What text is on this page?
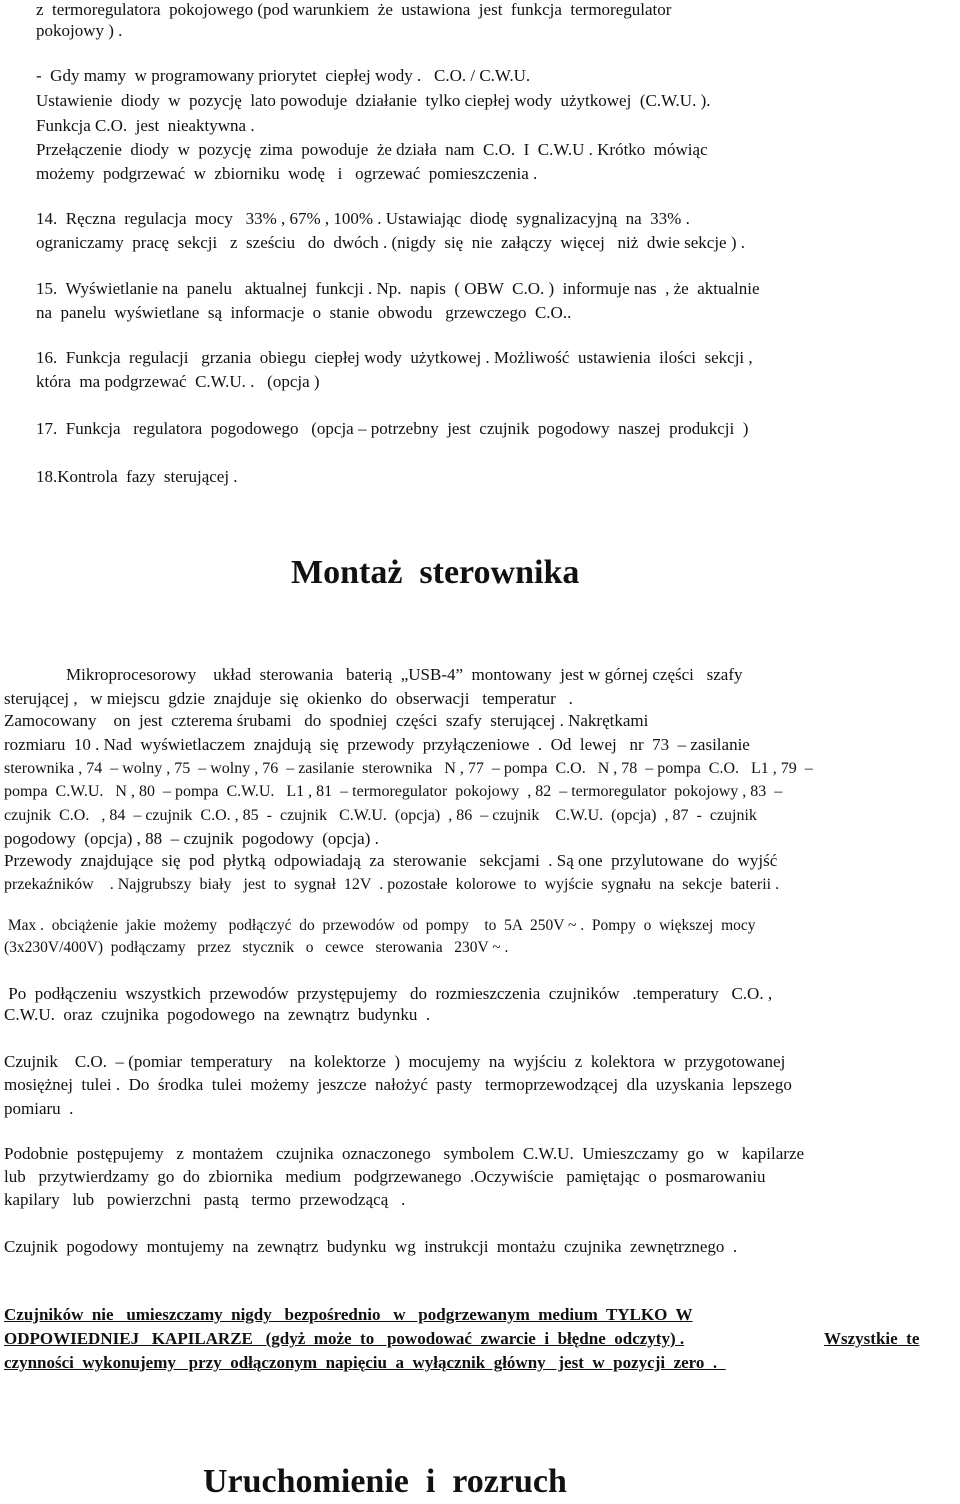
z  termoregulatora  pokojowego (pod warunkiem  że  ustawiona  jest  funkcja  termoregulator
pokojowy ) .
-  Gdy mamy  w programowany priorytet  ciepłej wody .   C.O. / C.W.U.
Ustawienie  diody  w  pozycję  lato powoduje  działanie  tylko ciepłej wody  użytkowej  (C.W.U. ).
Funkcja C.O.  jest  nieaktywna .
Przełączenie  diody  w  pozycję  zima  powoduje  że działa  nam  C.O.  I  C.W.U . Krótko  mówiąc
możemy  podgrzewać  w  zbiorniku  wodę   i   ogrzewać  pomieszczenia .
14.  Ręczna  regulacja  mocy   33% , 67% , 100% . Ustawiając  diodę  sygnalizacyjną  na  33% .
ograniczamy  pracę  sekcji   z  sześciu   do  dwóch . (nigdy  się  nie  załączy  więcej   niż  dwie sekcje ) .
15.  Wyświetlanie na  panelu   aktualnej  funkcji . Np.  napis  ( OBW  C.O. )  informuje nas  , że  aktualnie
na  panelu  wyświetlane  są  informacje  o  stanie  obwodu   grzewczego  C.O..
16.  Funkcja  regulacji   grzania  obiegu  ciepłej wody  użytkowej . Możliwość  ustawienia  ilości  sekcji ,
która  ma podgrzewać  C.W.U. .   (opcja )
17.  Funkcja   regulatora  pogodowego   (opcja – potrzebny  jest  czujnik  pogodowy  naszej  produkcji  )
18.Kontrola  fazy  sterującej .
Montaż  sterownika
Mikroprocesorowy    układ  sterowania   baterią  „USB-4”  montowany  jest w górnej części   szafy
sterującej ,   w miejscu  gdzie  znajduje  się  okienko  do  obserwacji   temperatur   .
Zamocowany    on  jest  czterema śrubami   do  spodniej  części  szafy  sterującej . Nakrętkami
rozmiaru  10 . Nad  wyświetlaczem  znajdują  się  przewody  przyłączeniowe  .  Od  lewej   nr  73  – zasilanie
sterownika , 74  – wolny , 75  – wolny , 76  – zasilanie  sterownika   N , 77  – pompa  C.O.   N , 78  – pompa  C.O.   L1 , 79  –
pompa  C.W.U.   N , 80  – pompa  C.W.U.   L1 , 81  – termoregulator  pokojowy  , 82  – termoregulator  pokojowy , 83  –
czujnik  C.O.   , 84  – czujnik  C.O. , 85  -  czujnik   C.W.U.  (opcja)  , 86  – czujnik    C.W.U.  (opcja)  , 87  -  czujnik
pogodowy  (opcja) , 88  – czujnik  pogodowy  (opcja) .
Przewody  znajdujące  się  pod  płytką  odpowiadają  za  sterowanie   sekcjami  . Są one  przylutowane  do  wyjść
przekaźników    . Najgrubszy  biały   jest  to  sygnał  12V  . pozostałe  kolorowe  to  wyjście  sygnału  na  sekcje  baterii .
Max .  obciążenie  jakie  możemy   podłączyć  do  przewodów  od  pompy    to  5A  250V ~ .  Pompy  o  większej  mocy
(3x230V/400V)  podłączamy   przez   stycznik   o   cewce   sterowania   230V ~ .
Po  podłączeniu  wszystkich  przewodów  przystępujemy   do  rozmieszczenia  czujników   .temperatury   C.O. ,
C.W.U.  oraz  czujnika  pogodowego  na  zewnątrz  budynku  .
Czujnik    C.O.  – (pomiar  temperatury    na  kolektorze  )  mocujemy  na  wyjściu  z  kolektora  w  przygotowanej
mosiężnej  tulei .  Do  środka  tulei  możemy  jeszcze  nałożyć  pasty   termoprzewodzącej  dla  uzyskania  lepszego
pomiaru  .
Podobnie  postępujemy   z  montażem   czujnika  oznaczonego   symbolem  C.W.U.  Umieszczamy  go   w   kapilarze
lub   przytwierdzamy  go  do  zbiornika   medium   podgrzewanego  .Oczywiście   pamiętając  o  posmarowaniu
kapilary   lub   powierzchni   pastą   termo  przewodzącą   .
Czujnik  pogodowy  montujemy  na  zewnątrz  budynku  wg  instrukcji  montażu  czujnika  zewnętrznego  .
Czujników  nie   umieszczamy  nigdy   bezpośrednio   w   podgrzewanym  medium  TYLKO  W
ODPOWIEDNIEJ   KAPILARZE   (gdyż  może  to   powodować  zwarcie  i  błędne  odczyty) .	Wszystkie  te
czynności  wykonujemy   przy  odłączonym  napięciu  a  wyłącznik  główny   jest  w  pozycji  zero  .
Uruchomienie  i  rozruch
